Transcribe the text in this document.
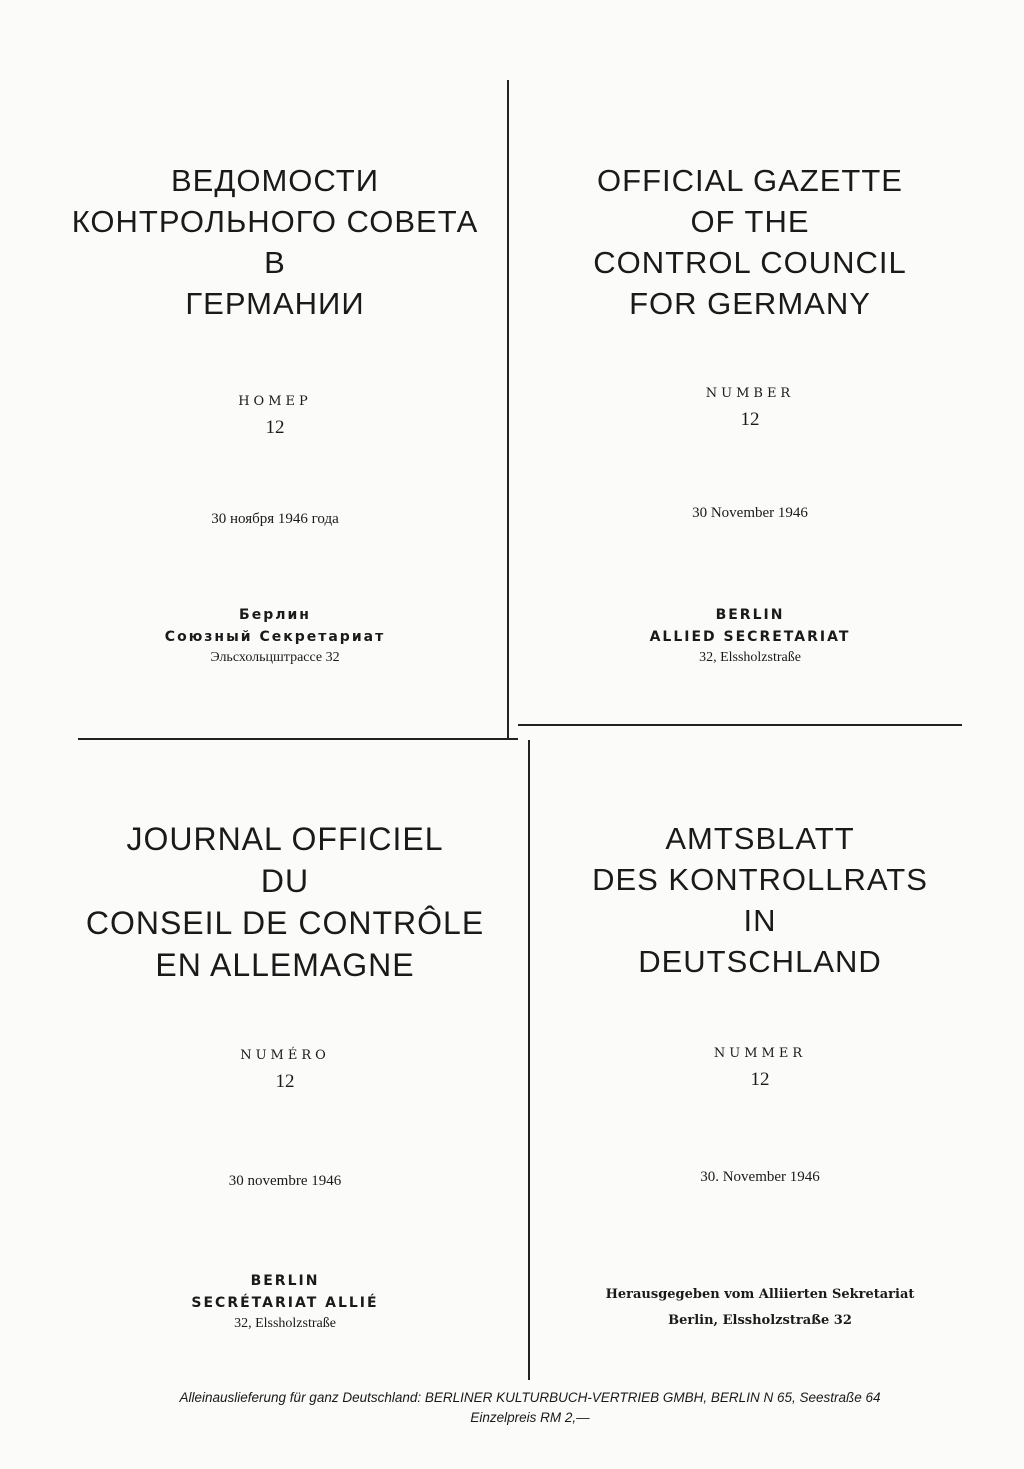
ВЕДОМОСТИ
КОНТРОЛЬНОГО СОВЕТА
В
ГЕРМАНИИ
НОМЕР
12
30 ноября 1946 года
Берлин
Союзный Секретариат
Эльсхольцштрассе 32
OFFICIAL GAZETTE
OF THE
CONTROL COUNCIL
FOR GERMANY
NUMBER
12
30 November 1946
BERLIN
ALLIED SECRETARIAT
32, Elssholzstraße
JOURNAL OFFICIEL
DU
CONSEIL DE CONTRÔLE
EN ALLEMAGNE
NUMÉRO
12
30 novembre 1946
BERLIN
SECRÉTARIAT ALLIÉ
32, Elssholzstraße
AMTSBLATT
DES KONTROLLRATS
IN
DEUTSCHLAND
NUMMER
12
30. November 1946
Herausgegeben vom Alliierten Sekretariat
Berlin, Elssholzstraße 32
Alleinauslieferung für ganz Deutschland: BERLINER KULTURBUCH-VERTRIEB GMBH, BERLIN N 65, Seestraße 64
Einzelpreis RM 2,—
